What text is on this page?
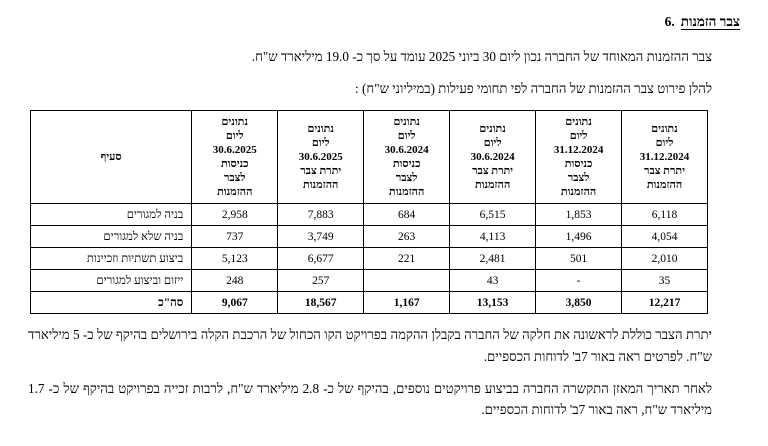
צבר הזמנות
.6

צבר ההזמנות המאוחד של החברה נכון ליום 30 ביוני 2025 עומד על סך כ- 19.0 מיליארד ש"ח.

להלן פירוט צבר ההזמנות של החברה לפי תחומי פעילות (במיליוני ש"ח) :

נתונים
ליום
31.12.2024
יתרת צבר
ההזמנות

נתונים
ליום
31.12.2024
כניסות
לצבר
ההזמנות

נתונים
ליום
30.6.2024
יתרת צבר
ההזמנות

נתונים
ליום
30.6.2024
כניסות
לצבר
ההזמנות

נתונים
ליום
30.6.2025
יתרת צבר
ההזמנות

נתונים
ליום
30.6.2025
כניסות
לצבר
ההזמנות
	סעיף
6,118	1,853	6,515	684	7,883	2,958	בניה למגורים
4,054	1,496	4,113	263	3,749	737	בניה שלא למגורים
2,010	501	2,481	221	6,677	5,123	ביצוע תשתיות וזכיינות
35	-	43		257	248	ייזום וביצוע למגורים
12,217	3,850	13,153	1,167	18,567	9,067	סה"כ

יתרת הצבר כוללת לראשונה את חלקה של החברה בקבלן ההקמה בפרויקט הקו הכחול של הרכבת הקלה בירושלים בהיקף של כ- 5 מיליארד ש"ח. לפרטים ראה באור 7ב' לדוחות הכספיים.

לאחר תאריך המאזן התקשרה החברה בביצוע פרויקטים נוספים, בהיקף של כ- 2.8 מיליארד ש"ח, לרבות זכייה בפרויקט בהיקף של כ- 1.7 מיליארד ש"ח, ראה באור 7ב' לדוחות הכספיים.
